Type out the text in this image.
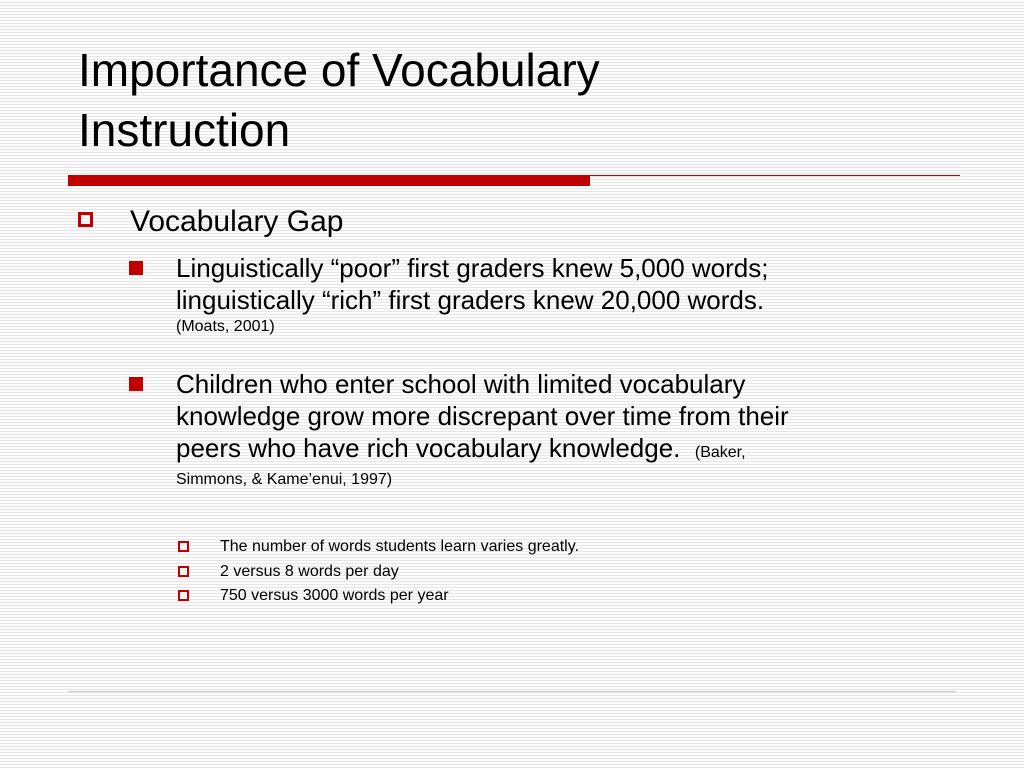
Importance of Vocabulary
Instruction
Vocabulary Gap

Linguistically “poor” first graders knew 5,000 words;

linguistically “rich” first graders knew 20,000 words.

(Moats, 2001)

Children who enter school with limited vocabulary

knowledge grow more discrepant over time from their

peers who have rich vocabulary knowledge. (Baker,

Simmons, & Kame’enui, 1997)

The number of words students learn varies greatly.
2 versus 8 words per day
750 versus 3000 words per year
